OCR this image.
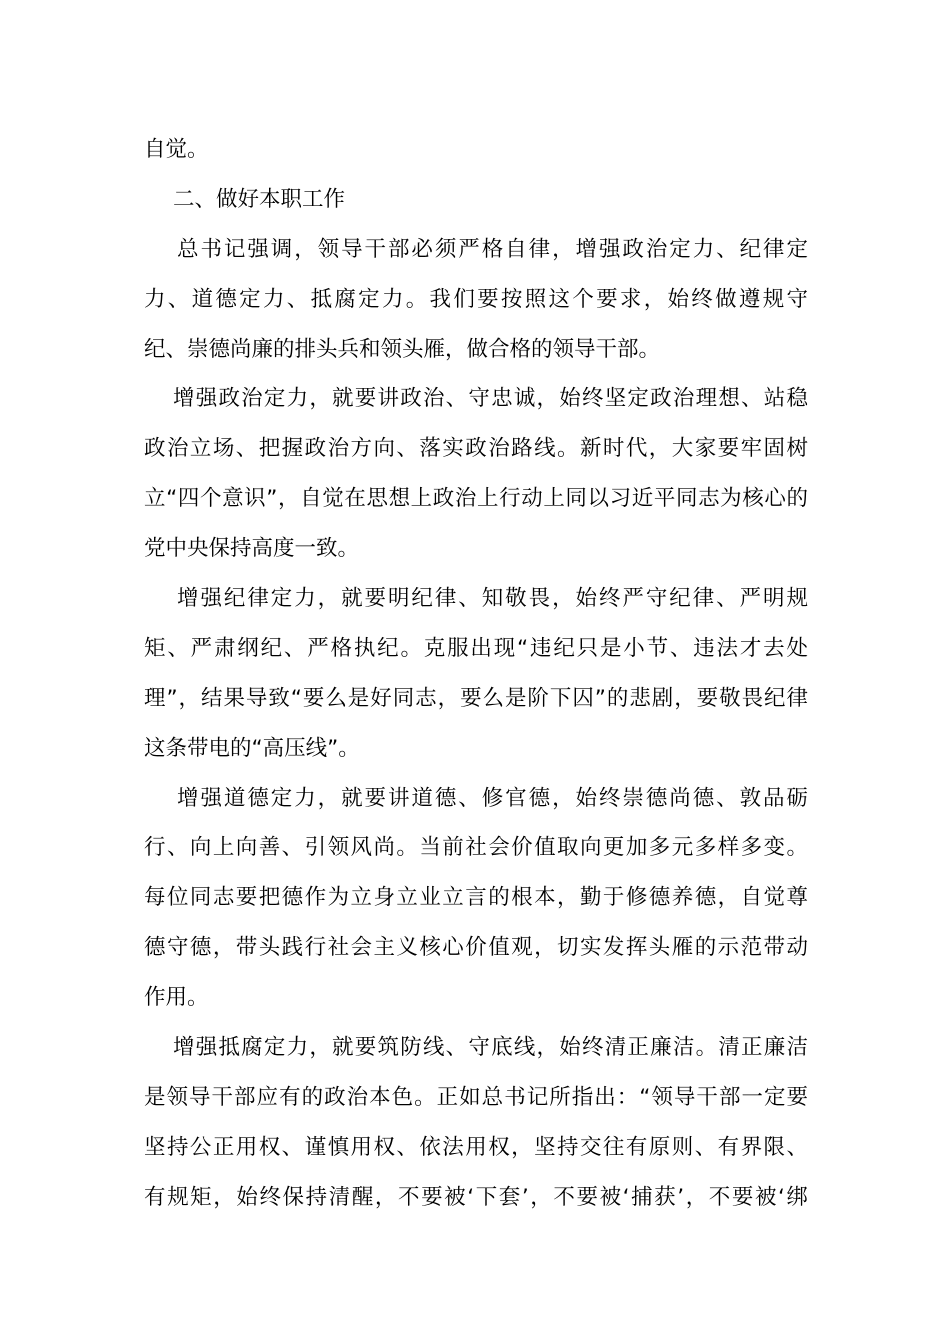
自觉。
二、做好本职工作
总书记强调，领导干部必须严格自律，增强政治定力、纪律定
力、道德定力、抵腐定力。我们要按照这个要求，始终做遵规守
纪、崇德尚廉的排头兵和领头雁，做合格的领导干部。
增强政治定力，就要讲政治、守忠诚，始终坚定政治理想、站稳
政治立场、把握政治方向、落实政治路线。新时代，大家要牢固树
立“四个意识”，自觉在思想上政治上行动上同以习近平同志为核心的
党中央保持高度一致。
增强纪律定力，就要明纪律、知敬畏，始终严守纪律、严明规
矩、严肃纲纪、严格执纪。克服出现“违纪只是小节、违法才去处
理”，结果导致“要么是好同志，要么是阶下囚”的悲剧，要敬畏纪律
这条带电的“高压线”。
增强道德定力，就要讲道德、修官德，始终崇德尚德、敦品砺
行、向上向善、引领风尚。当前社会价值取向更加多元多样多变。
每位同志要把德作为立身立业立言的根本，勤于修德养德，自觉尊
德守德，带头践行社会主义核心价值观，切实发挥头雁的示范带动
作用。
增强抵腐定力，就要筑防线、守底线，始终清正廉洁。清正廉洁
是领导干部应有的政治本色。正如总书记所指出：“领导干部一定要
坚持公正用权、谨慎用权、依法用权，坚持交往有原则、有界限、
有规矩，始终保持清醒，不要被‘下套’，不要被‘捕获’，不要被‘绑
